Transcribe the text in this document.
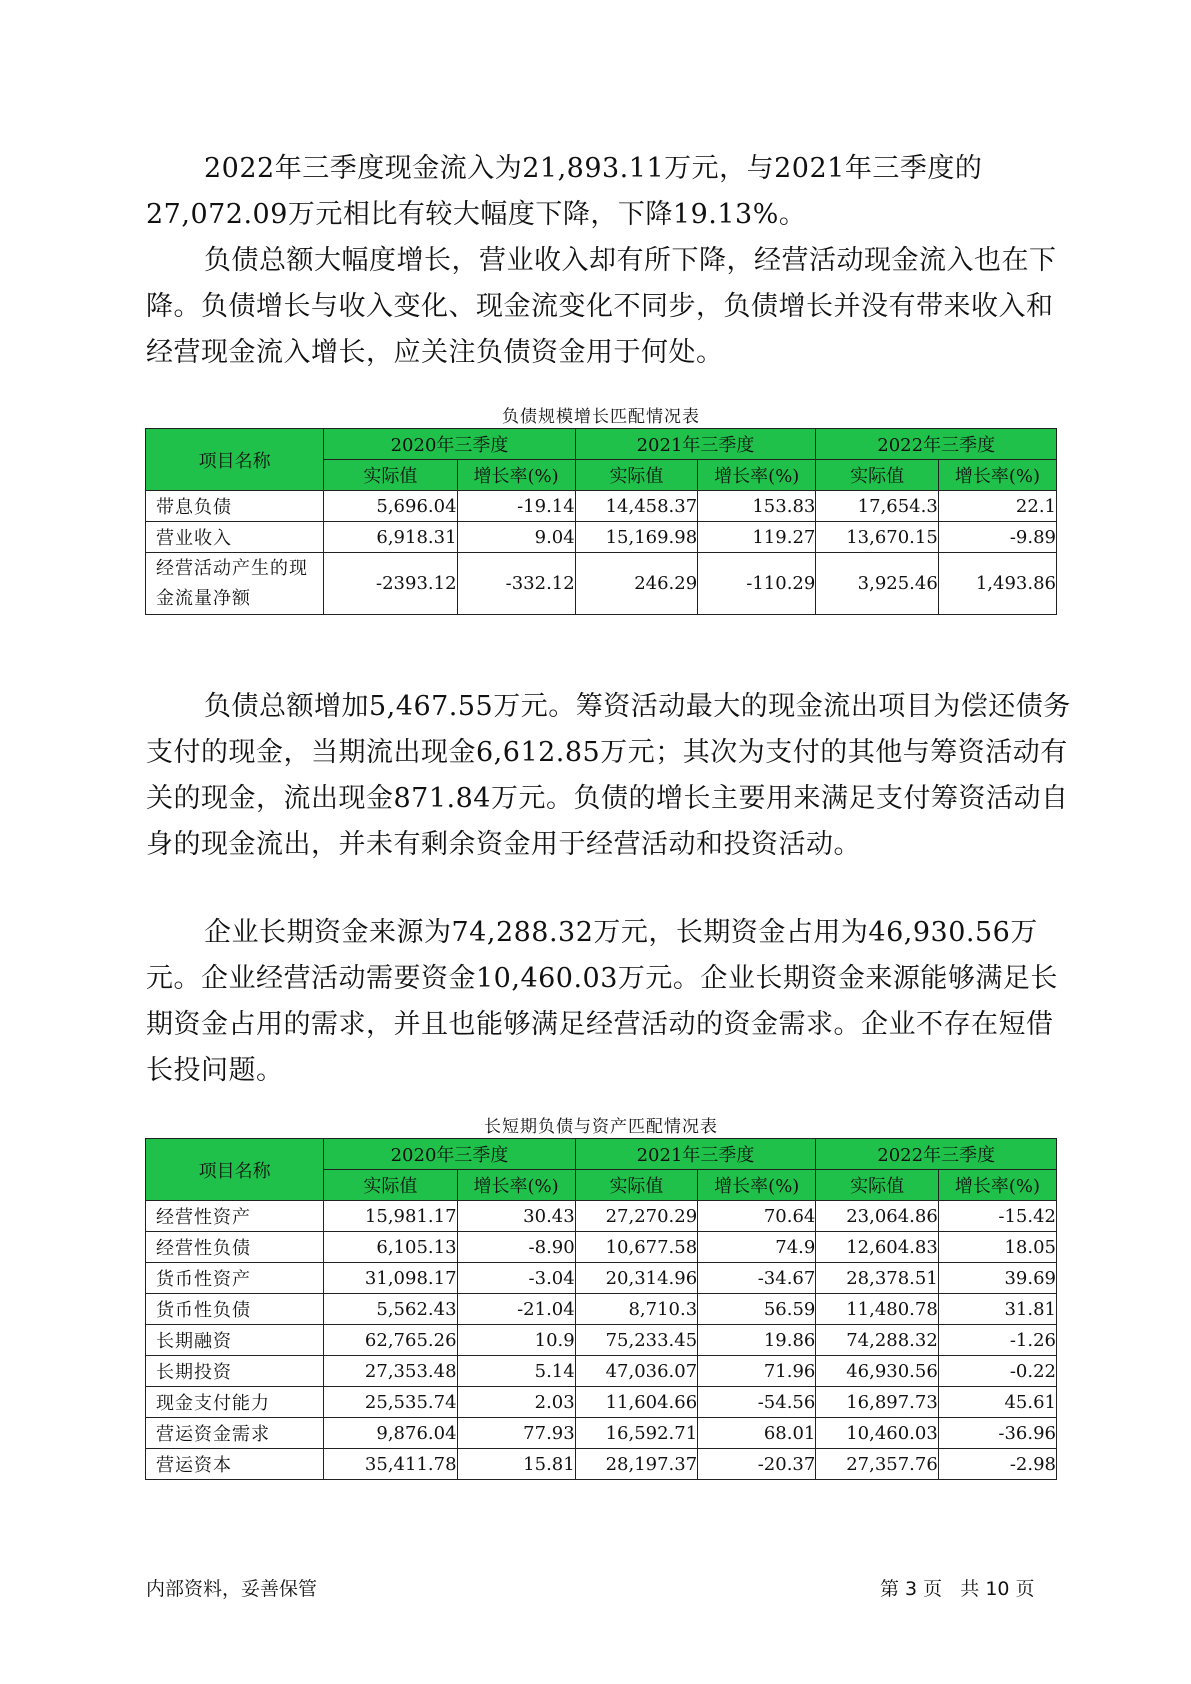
2022年三季度现金流入为21,893.11万元，与2021年三季度的27,072.09万元相比有较大幅度下降，下降19.13%。

负债总额大幅度增长，营业收入却有所下降，经营活动现金流入也在下降。负债增长与收入变化、现金流变化不同步，负债增长并没有带来收入和经营现金流入增长，应关注负债资金用于何处。

负债规模增长匹配情况表
项目名称	2020年三季度		2021年三季度		2022年三季度	
	实际值	增长率(%)	实际值	增长率(%)	实际值	增长率(%)
带息负债	5,696.04	-19.14	14,458.37	153.83	17,654.3	22.1
营业收入	6,918.31	9.04	15,169.98	119.27	13,670.15	-9.89
经营活动产生的现金流量净额	-2393.12	-332.12	246.29	-110.29	3,925.46	1,493.86

负债总额增加5,467.55万元。筹资活动最大的现金流出项目为偿还债务支付的现金，当期流出现金6,612.85万元；其次为支付的其他与筹资活动有关的现金，流出现金871.84万元。负债的增长主要用来满足支付筹资活动自身的现金流出，并未有剩余资金用于经营活动和投资活动。

企业长期资金来源为74,288.32万元，长期资金占用为46,930.56万元。企业经营活动需要资金10,460.03万元。企业长期资金来源能够满足长期资金占用的需求，并且也能够满足经营活动的资金需求。企业不存在短借长投问题。

长短期负债与资产匹配情况表
项目名称	2020年三季度		2021年三季度		2022年三季度	
	实际值	增长率(%)	实际值	增长率(%)	实际值	增长率(%)
经营性资产	15,981.17	30.43	27,270.29	70.64	23,064.86	-15.42
经营性负债	6,105.13	-8.90	10,677.58	74.9	12,604.83	18.05
货币性资产	31,098.17	-3.04	20,314.96	-34.67	28,378.51	39.69
货币性负债	5,562.43	-21.04	8,710.3	56.59	11,480.78	31.81
长期融资	62,765.26	10.9	75,233.45	19.86	74,288.32	-1.26
长期投资	27,353.48	5.14	47,036.07	71.96	46,930.56	-0.22
现金支付能力	25,535.74	2.03	11,604.66	-54.56	16,897.73	45.61
营运资金需求	9,876.04	77.93	16,592.71	68.01	10,460.03	-36.96
营运资本	35,411.78	15.81	28,197.37	-20.37	27,357.76	-2.98
内部资料，妥善保管	第 3 页   共 10 页
